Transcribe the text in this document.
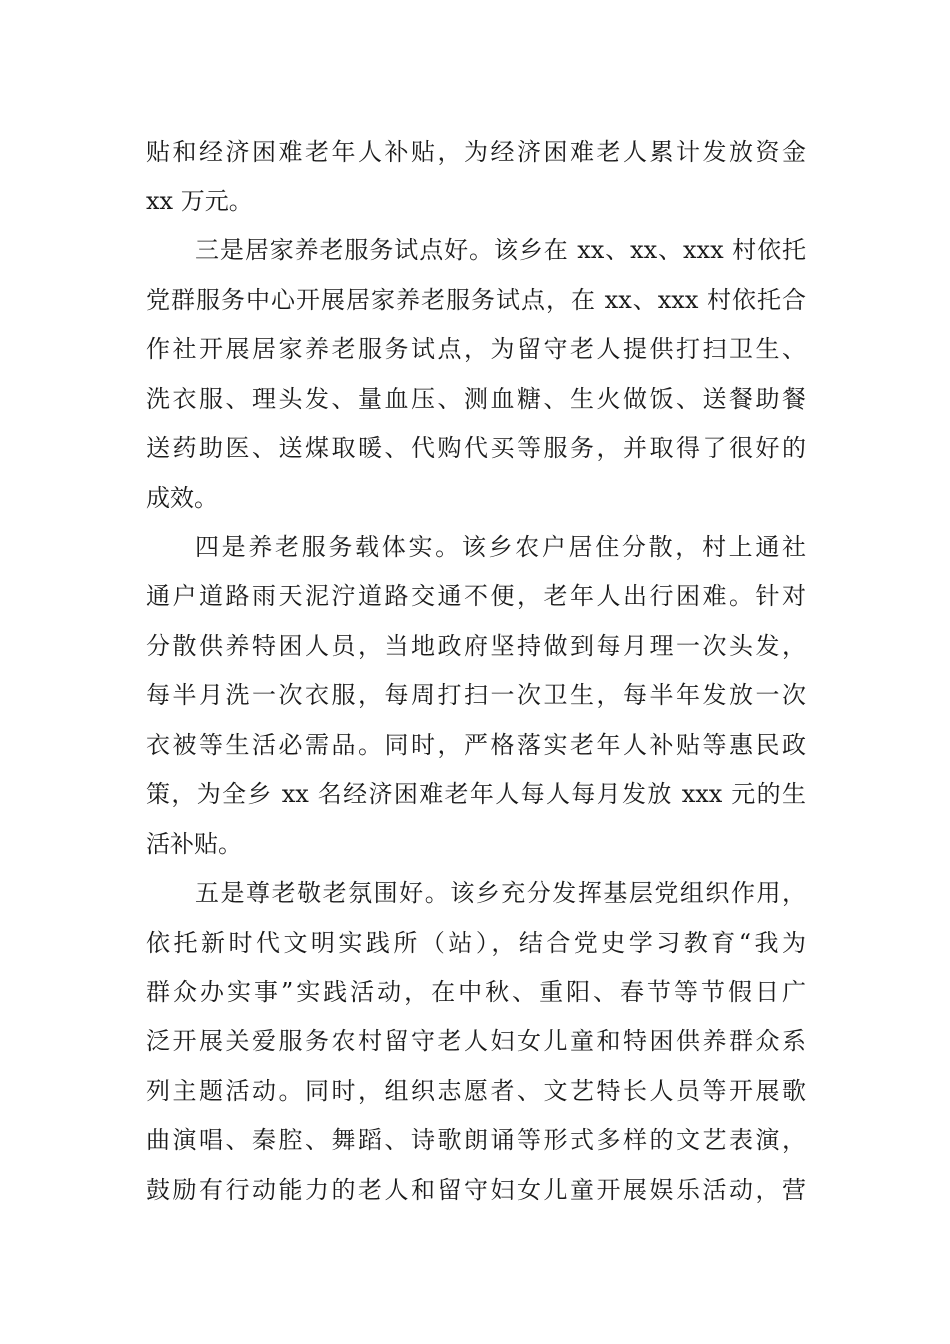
贴和经济困难老年人补贴，为经济困难老人累计发放资金

xx 万元。

三是居家养老服务试点好。该乡在 xx、xx、xxx 村依托

党群服务中心开展居家养老服务试点，在 xx、xxx 村依托合

作社开展居家养老服务试点，为留守老人提供打扫卫生、

洗衣服、理头发、量血压、测血糖、生火做饭、送餐助餐

送药助医、送煤取暖、代购代买等服务，并取得了很好的

成效。

四是养老服务载体实。该乡农户居住分散，村上通社

通户道路雨天泥泞道路交通不便，老年人出行困难。针对

分散供养特困人员，当地政府坚持做到每月理一次头发，

每半月洗一次衣服，每周打扫一次卫生，每半年发放一次

衣被等生活必需品。同时，严格落实老年人补贴等惠民政

策，为全乡 xx 名经济困难老年人每人每月发放 xxx 元的生

活补贴。

五是尊老敬老氛围好。该乡充分发挥基层党组织作用，

依托新时代文明实践所（站），结合党史学习教育“我为

群众办实事”实践活动，在中秋、重阳、春节等节假日广

泛开展关爱服务农村留守老人妇女儿童和特困供养群众系

列主题活动。同时，组织志愿者、文艺特长人员等开展歌

曲演唱、秦腔、舞蹈、诗歌朗诵等形式多样的文艺表演，

鼓励有行动能力的老人和留守妇女儿童开展娱乐活动，营
